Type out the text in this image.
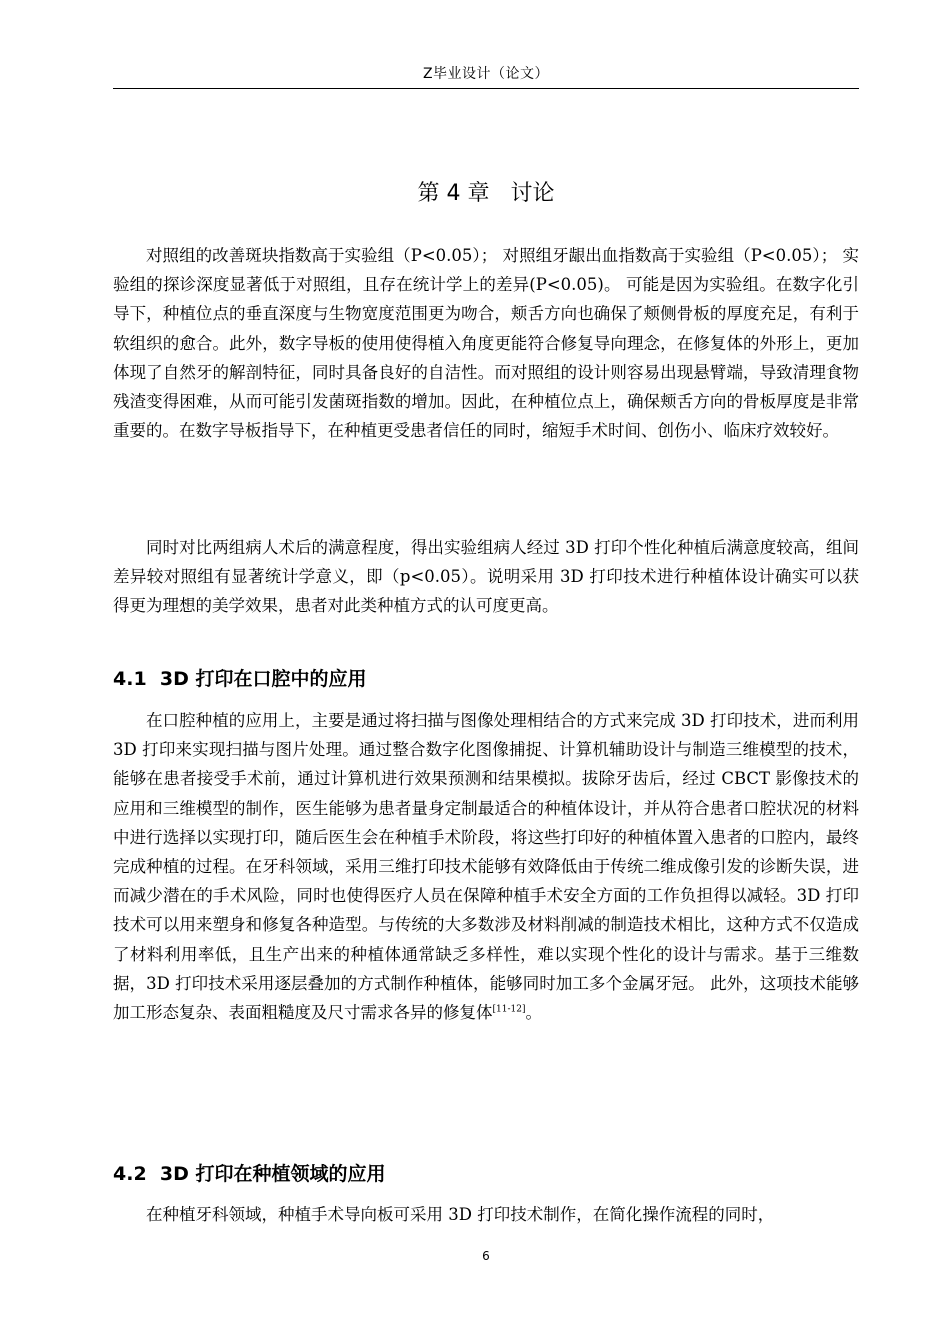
Z毕业设计（论文）
第 4 章   讨论

对照组的改善斑块指数高于实验组（P<0.05）； 对照组牙龈出血指数高于实验组（P<0.05）； 实验组的探诊深度显著低于对照组，且存在统计学上的差异(P<0.05)。 可能是因为实验组。在数字化引导下，种植位点的垂直深度与生物宽度范围更为吻合，颊舌方向也确保了颊侧骨板的厚度充足，有利于软组织的愈合。此外，数字导板的使用使得植入角度更能符合修复导向理念，在修复体的外形上，更加体现了自然牙的解剖特征，同时具备良好的自洁性。而对照组的设计则容易出现悬臂端，导致清理食物残渣变得困难，从而可能引发菌斑指数的增加。因此，在种植位点上，确保颊舌方向的骨板厚度是非常重要的。在数字导板指导下，在种植更受患者信任的同时，缩短手术时间、创伤小、临床疗效较好。

同时对比两组病人术后的满意程度，得出实验组病人经过 3D 打印个性化种植后满意度较高，组间差异较对照组有显著统计学意义，即（p<0.05）。说明采用 3D 打印技术进行种植体设计确实可以获得更为理想的美学效果，患者对此类种植方式的认可度更高。

4.1  3D 打印在口腔中的应用

在口腔种植的应用上，主要是通过将扫描与图像处理相结合的方式来完成 3D 打印技术，进而利用 3D 打印来实现扫描与图片处理。通过整合数字化图像捕捉、计算机辅助设计与制造三维模型的技术，能够在患者接受手术前，通过计算机进行效果预测和结果模拟。拔除牙齿后，经过 CBCT 影像技术的应用和三维模型的制作，医生能够为患者量身定制最适合的种植体设计，并从符合患者口腔状况的材料中进行选择以实现打印，随后医生会在种植手术阶段，将这些打印好的种植体置入患者的口腔内，最终完成种植的过程。在牙科领域，采用三维打印技术能够有效降低由于传统二维成像引发的诊断失误，进而减少潜在的手术风险，同时也使得医疗人员在保障种植手术安全方面的工作负担得以减轻。3D 打印技术可以用来塑身和修复各种造型。与传统的大多数涉及材料削减的制造技术相比，这种方式不仅造成了材料利用率低，且生产出来的种植体通常缺乏多样性，难以实现个性化的设计与需求。基于三维数据，3D 打印技术采用逐层叠加的方式制作种植体，能够同时加工多个金属牙冠。 此外，这项技术能够加工形态复杂、表面粗糙度及尺寸需求各异的修复体[11-12]。

4.2  3D 打印在种植领域的应用

在种植牙科领域，种植手术导向板可采用 3D 打印技术制作，在简化操作流程的同时，

6
